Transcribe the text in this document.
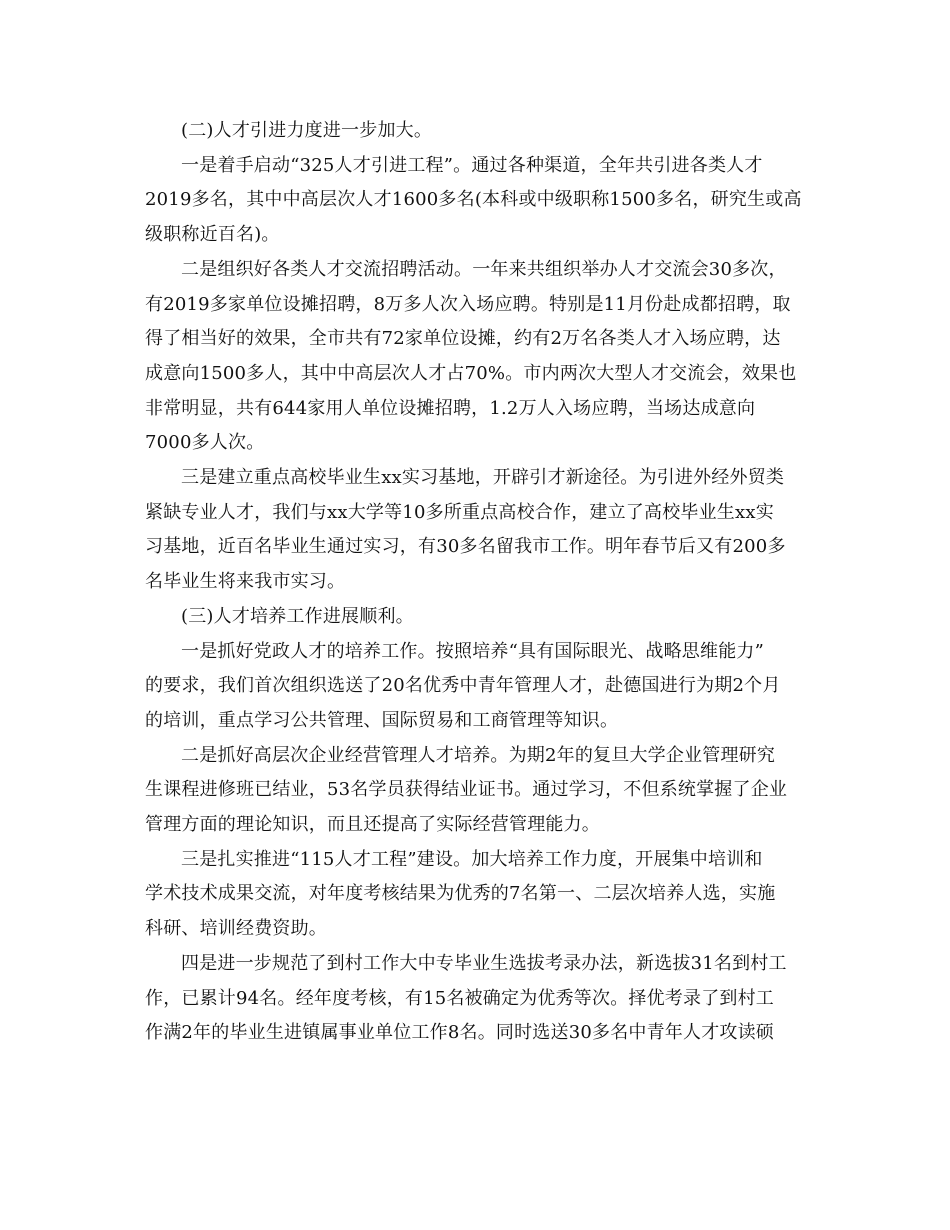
(二)人才引进力度进一步加大。

一是着手启动“325人才引进工程”。通过各种渠道，全年共引进各类人才
2019多名，其中中高层次人才1600多名(本科或中级职称1500多名，研究生或高
级职称近百名)。

二是组织好各类人才交流招聘活动。一年来共组织举办人才交流会30多次，
有2019多家单位设摊招聘，8万多人次入场应聘。特别是11月份赴成都招聘，取
得了相当好的效果，全市共有72家单位设摊，约有2万名各类人才入场应聘，达
成意向1500多人，其中中高层次人才占70%。市内两次大型人才交流会，效果也
非常明显，共有644家用人单位设摊招聘，1.2万人入场应聘，当场达成意向
7000多人次。

三是建立重点高校毕业生xx实习基地，开辟引才新途径。为引进外经外贸类
紧缺专业人才，我们与xx大学等10多所重点高校合作，建立了高校毕业生xx实
习基地，近百名毕业生通过实习，有30多名留我市工作。明年春节后又有200多
名毕业生将来我市实习。

(三)人才培养工作进展顺利。

一是抓好党政人才的培养工作。按照培养“具有国际眼光、战略思维能力”
的要求，我们首次组织选送了20名优秀中青年管理人才，赴德国进行为期2个月
的培训，重点学习公共管理、国际贸易和工商管理等知识。

二是抓好高层次企业经营管理人才培养。为期2年的复旦大学企业管理研究
生课程进修班已结业，53名学员获得结业证书。通过学习，不但系统掌握了企业
管理方面的理论知识，而且还提高了实际经营管理能力。

三是扎实推进“115人才工程”建设。加大培养工作力度，开展集中培训和
学术技术成果交流，对年度考核结果为优秀的7名第一、二层次培养人选，实施
科研、培训经费资助。

四是进一步规范了到村工作大中专毕业生选拔考录办法，新选拔31名到村工
作，已累计94名。经年度考核，有15名被确定为优秀等次。择优考录了到村工
作满2年的毕业生进镇属事业单位工作8名。同时选送30多名中青年人才攻读硕
